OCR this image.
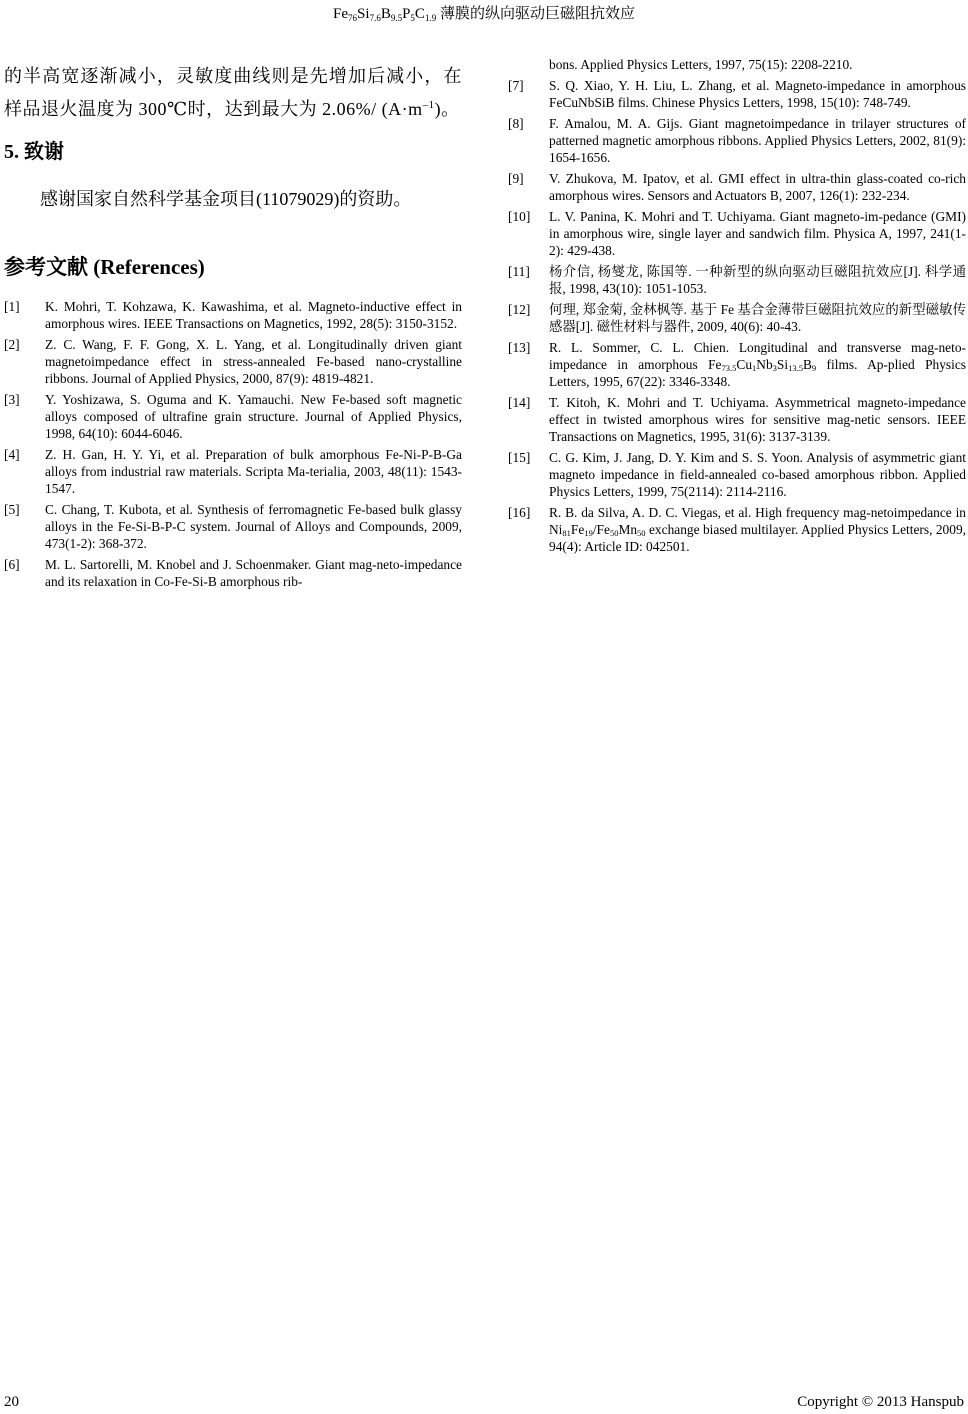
$Fe_{76}Si_{7.6}B_{9.5}P_5C_{1.9}$ 薄膜的纵向驱动巨磁阻抗效应

的半高宽逐渐减小，灵敏度曲线则是先增加后减小，在样品退火温度为 300℃时，达到最大为 2.06%/ $(A\cdot m^{-1})$。

5. 致谢

感谢国家自然科学基金项目(11079029)的资助。

参考文献 (References)
[1] K. Mohri, T. Kohzawa, K. Kawashima, et al. Magneto-inductive effect in amorphous wires. IEEE Transactions on Magnetics, 1992, 28(5): 3150-3152.
[2] Z. C. Wang, F. F. Gong, X. L. Yang, et al. Longitudinally driven giant magnetoimpedance effect in stress-annealed Fe-based nano-crystalline ribbons. Journal of Applied Physics, 2000, 87(9): 4819-4821.
[3] Y. Yoshizawa, S. Oguma and K. Yamauchi. New Fe-based soft magnetic alloys composed of ultrafine grain structure. Journal of Applied Physics, 1998, 64(10): 6044-6046.
[4] Z. H. Gan, H. Y. Yi, et al. Preparation of bulk amorphous Fe-Ni-P-B-Ga alloys from industrial raw materials. Scripta Ma-terialia, 2003, 48(11): 1543-1547.
[5] C. Chang, T. Kubota, et al. Synthesis of ferromagnetic Fe-based bulk glassy alloys in the Fe-Si-B-P-C system. Journal of Alloys and Compounds, 2009, 473(1-2): 368-372.
[6] M. L. Sartorelli, M. Knobel and J. Schoenmaker. Giant mag-neto-impedance and its relaxation in Co-Fe-Si-B amorphous rib-
bons. Applied Physics Letters, 1997, 75(15): 2208-2210.
[7] S. Q. Xiao, Y. H. Liu, L. Zhang, et al. Magneto-impedance in amorphous FeCuNbSiB films. Chinese Physics Letters, 1998, 15(10): 748-749.
[8] F. Amalou, M. A. Gijs. Giant magnetoimpedance in trilayer structures of patterned magnetic amorphous ribbons. Applied Physics Letters, 2002, 81(9): 1654-1656.
[9] V. Zhukova, M. Ipatov, et al. GMI effect in ultra-thin glass-coated co-rich amorphous wires. Sensors and Actuators B, 2007, 126(1): 232-234.
[10] L. V. Panina, K. Mohri and T. Uchiyama. Giant magneto-im-pedance (GMI) in amorphous wire, single layer and sandwich film. Physica A, 1997, 241(1-2): 429-438.
[11] 杨介信, 杨燮龙, 陈国等. 一种新型的纵向驱动巨磁阻抗效应[J]. 科学通报, 1998, 43(10): 1051-1053.
[12] 何理, 郑金菊, 金林枫等. 基于 Fe 基合金薄带巨磁阻抗效应的新型磁敏传感器[J]. 磁性材料与器件, 2009, 40(6): 40-43.
[13] R. L. Sommer, C. L. Chien. Longitudinal and transverse mag-neto-impedance in amorphous $Fe_{73.5}Cu_1Nb_3Si_{13.5}B_9$ films. Ap-plied Physics Letters, 1995, 67(22): 3346-3348.
[14] T. Kitoh, K. Mohri and T. Uchiyama. Asymmetrical magneto-impedance effect in twisted amorphous wires for sensitive mag-netic sensors. IEEE Transactions on Magnetics, 1995, 31(6): 3137-3139.
[15] C. G. Kim, J. Jang, D. Y. Kim and S. S. Yoon. Analysis of asymmetric giant magneto impedance in field-annealed co-based amorphous ribbon. Applied Physics Letters, 1999, 75(2114): 2114-2116.
[16] R. B. da Silva, A. D. C. Viegas, et al. High frequency mag-netoimpedance in $Ni_{81}Fe_{19}/Fe_{50}Mn_{50}$ exchange biased multilayer. Applied Physics Letters, 2009, 94(4): Article ID: 042501.
20	Copyright © 2013 Hanspub
